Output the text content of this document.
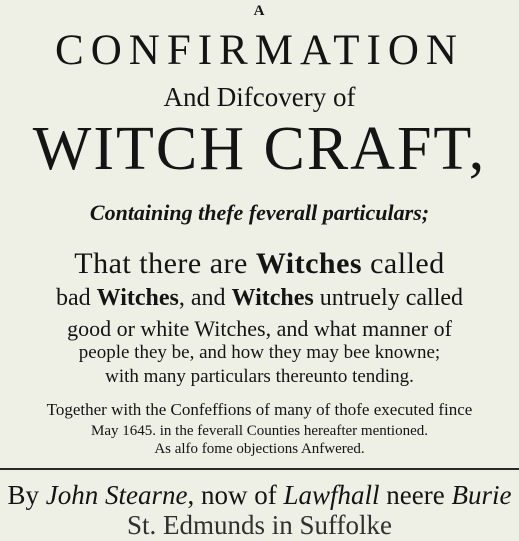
A
CONFIRMATION
And Difcovery of
WITCH CRAFT,
Containing thefe feverall particulars;
That there are Witches called
bad Witches, and Witches untruely called
good or white Witches, and what manner of
people they be, and how they may bee knowne;
with many particulars thereunto tending.
Together with the Confeffions of many of thofe executed fince
May 1645. in the feverall Counties hereafter mentioned.
As alfo fome objections Anfwered.
By John Stearne, now of Lawfhall neere Burie
St. Edmunds in Suffolke
